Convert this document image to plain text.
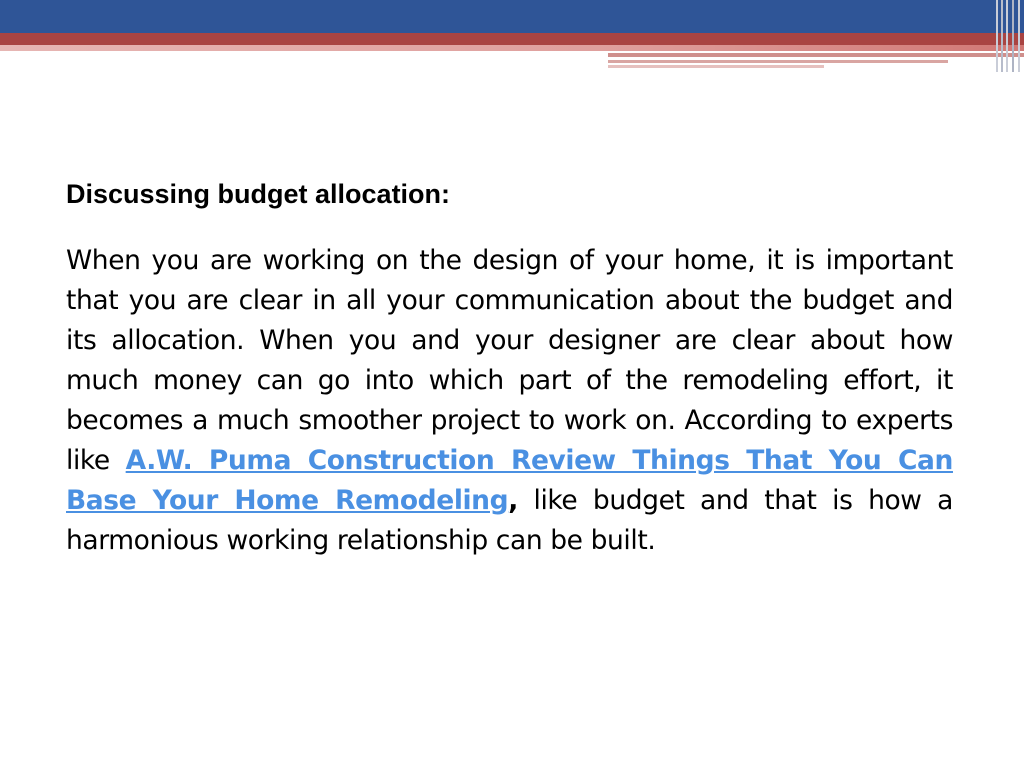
Discussing budget allocation:

When you are working on the design of your home, it is important that you are clear in all your communication about the budget and its allocation. When you and your designer are clear about how much money can go into which part of the remodeling effort, it becomes a much smoother project to work on. According to experts like A.W. Puma Construction Review Things That You Can Base Your Home Remodeling, like budget and that is how a harmonious working relationship can be built.
